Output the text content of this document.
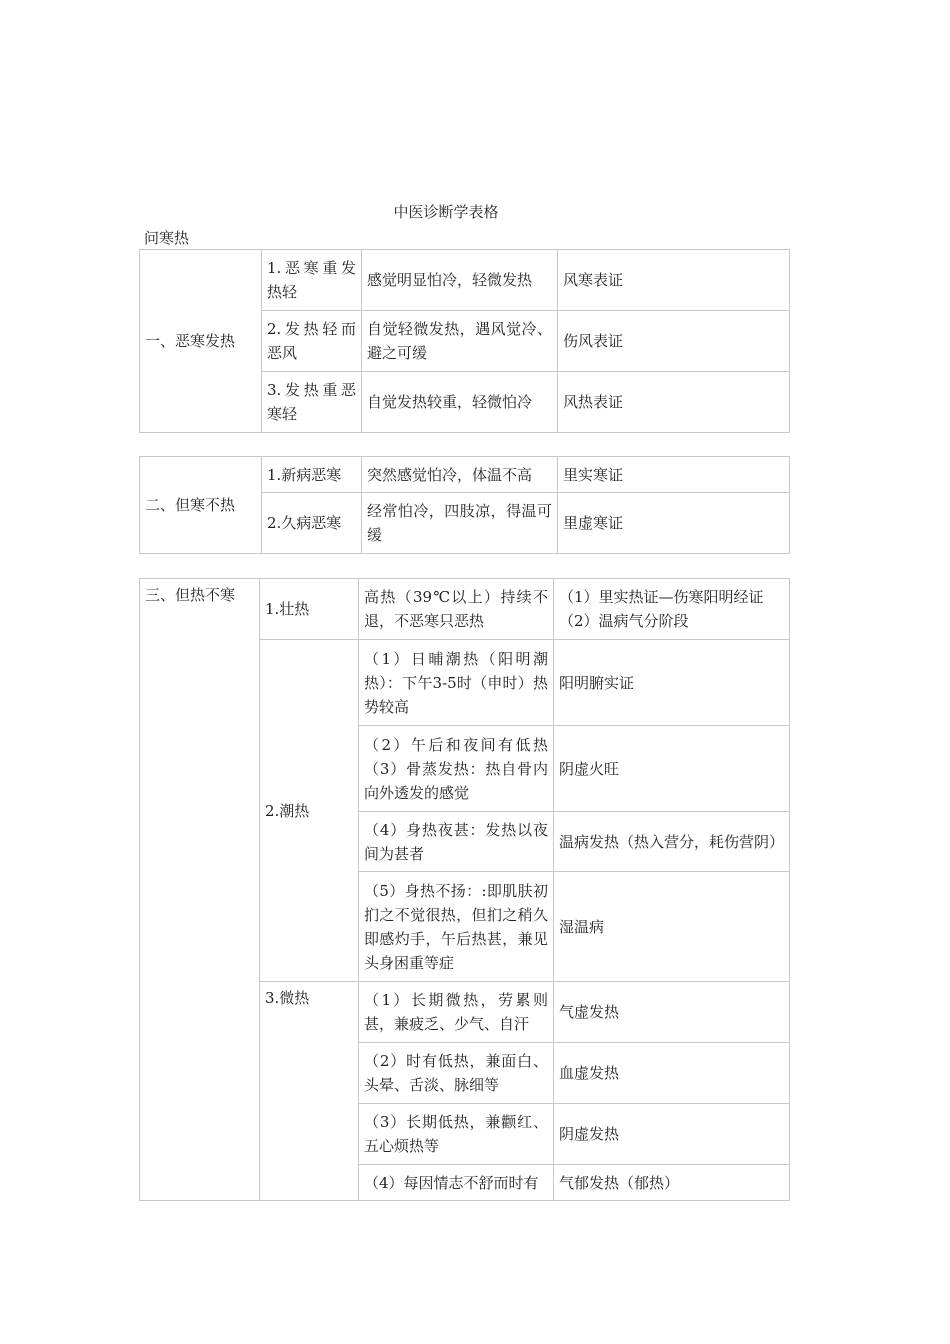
中医诊断学表格
问寒热
一、恶寒发热	1.恶寒重发热轻	感觉明显怕冷，轻微发热	风寒表证
	2.发热轻而恶风	自觉轻微发热，遇风觉冷、避之可缓	伤风表证
	3.发热重恶寒轻	自觉发热较重，轻微怕冷	风热表证
二、但寒不热	1.新病恶寒	突然感觉怕冷，体温不高	里实寒证
	2.久病恶寒	经常怕冷，四肢凉，得温可缓	里虚寒证
三、但热不寒	1.壮热	高热（39℃以上）持续不退，不恶寒只恶热	（1）里实热证—伤寒阳明经证
（2）温病气分阶段

	2.潮热	（1）日晡潮热（阳明潮热）：下午3-5时（申时）热势较高	阳明腑实证
		（2）午后和夜间有低热（3）骨蒸发热：热自骨内向外透发的感觉	阴虚火旺
		（4）身热夜甚：发热以夜间为甚者	温病发热（热入营分，耗伤营阴）
		（5）身热不扬：:即肌肤初扪之不觉很热，但扪之稍久即感灼手，午后热甚，兼见头身困重等症	湿温病
	3.微热	（1）长期微热，劳累则甚，兼疲乏、少气、自汗	气虚发热
		（2）时有低热，兼面白、头晕、舌淡、脉细等	血虚发热
		（3）长期低热，兼颧红、五心烦热等	阴虚发热
		（4）每因情志不舒而时有	气郁发热（郁热）
